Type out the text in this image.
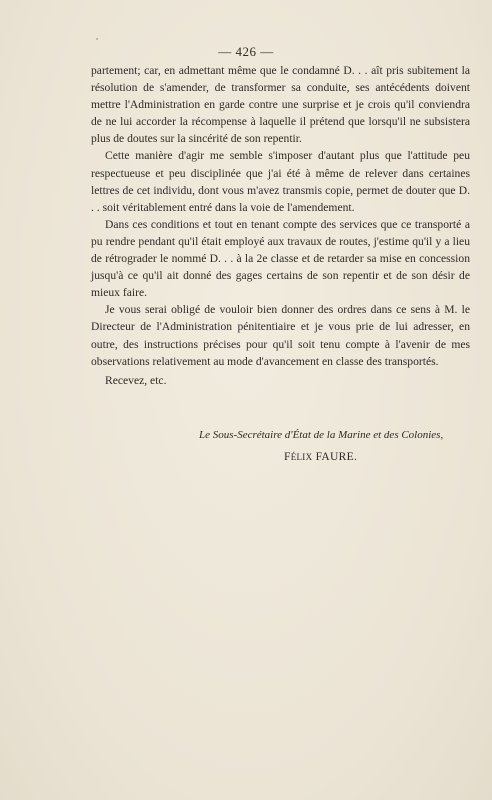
— 426 —

partement; car, en admettant même que le condamné D. . . aît pris subitement la résolution de s'amender, de transformer sa conduite, ses antécédents doivent mettre l'Administration en garde contre une surprise et je crois qu'il conviendra de ne lui accorder la récompense à laquelle il prétend que lorsqu'il ne subsistera plus de doutes sur la sincérité de son repentir.

Cette manière d'agir me semble s'imposer d'autant plus que l'attitude peu respectueuse et peu disciplinée que j'ai été à même de relever dans certaines lettres de cet individu, dont vous m'avez transmis copie, permet de douter que D. . . soit véritablement entré dans la voie de l'amendement.

Dans ces conditions et tout en tenant compte des services que ce transporté a pu rendre pendant qu'il était employé aux travaux de routes, j'estime qu'il y a lieu de rétrograder le nommé D. . . à la 2e classe et de retarder sa mise en concession jusqu'à ce qu'il ait donné des gages certains de son repentir et de son désir de mieux faire.

Je vous serai obligé de vouloir bien donner des ordres dans ce sens à M. le Directeur de l'Administration pénitentiaire et je vous prie de lui adresser, en outre, des instructions précises pour qu'il soit tenu compte à l'avenir de mes observations relativement au mode d'avancement en classe des transportés.

Recevez, etc.

Le Sous-Secrétaire d'État de la Marine et des Colonies,
FÉLIX FAURE.
